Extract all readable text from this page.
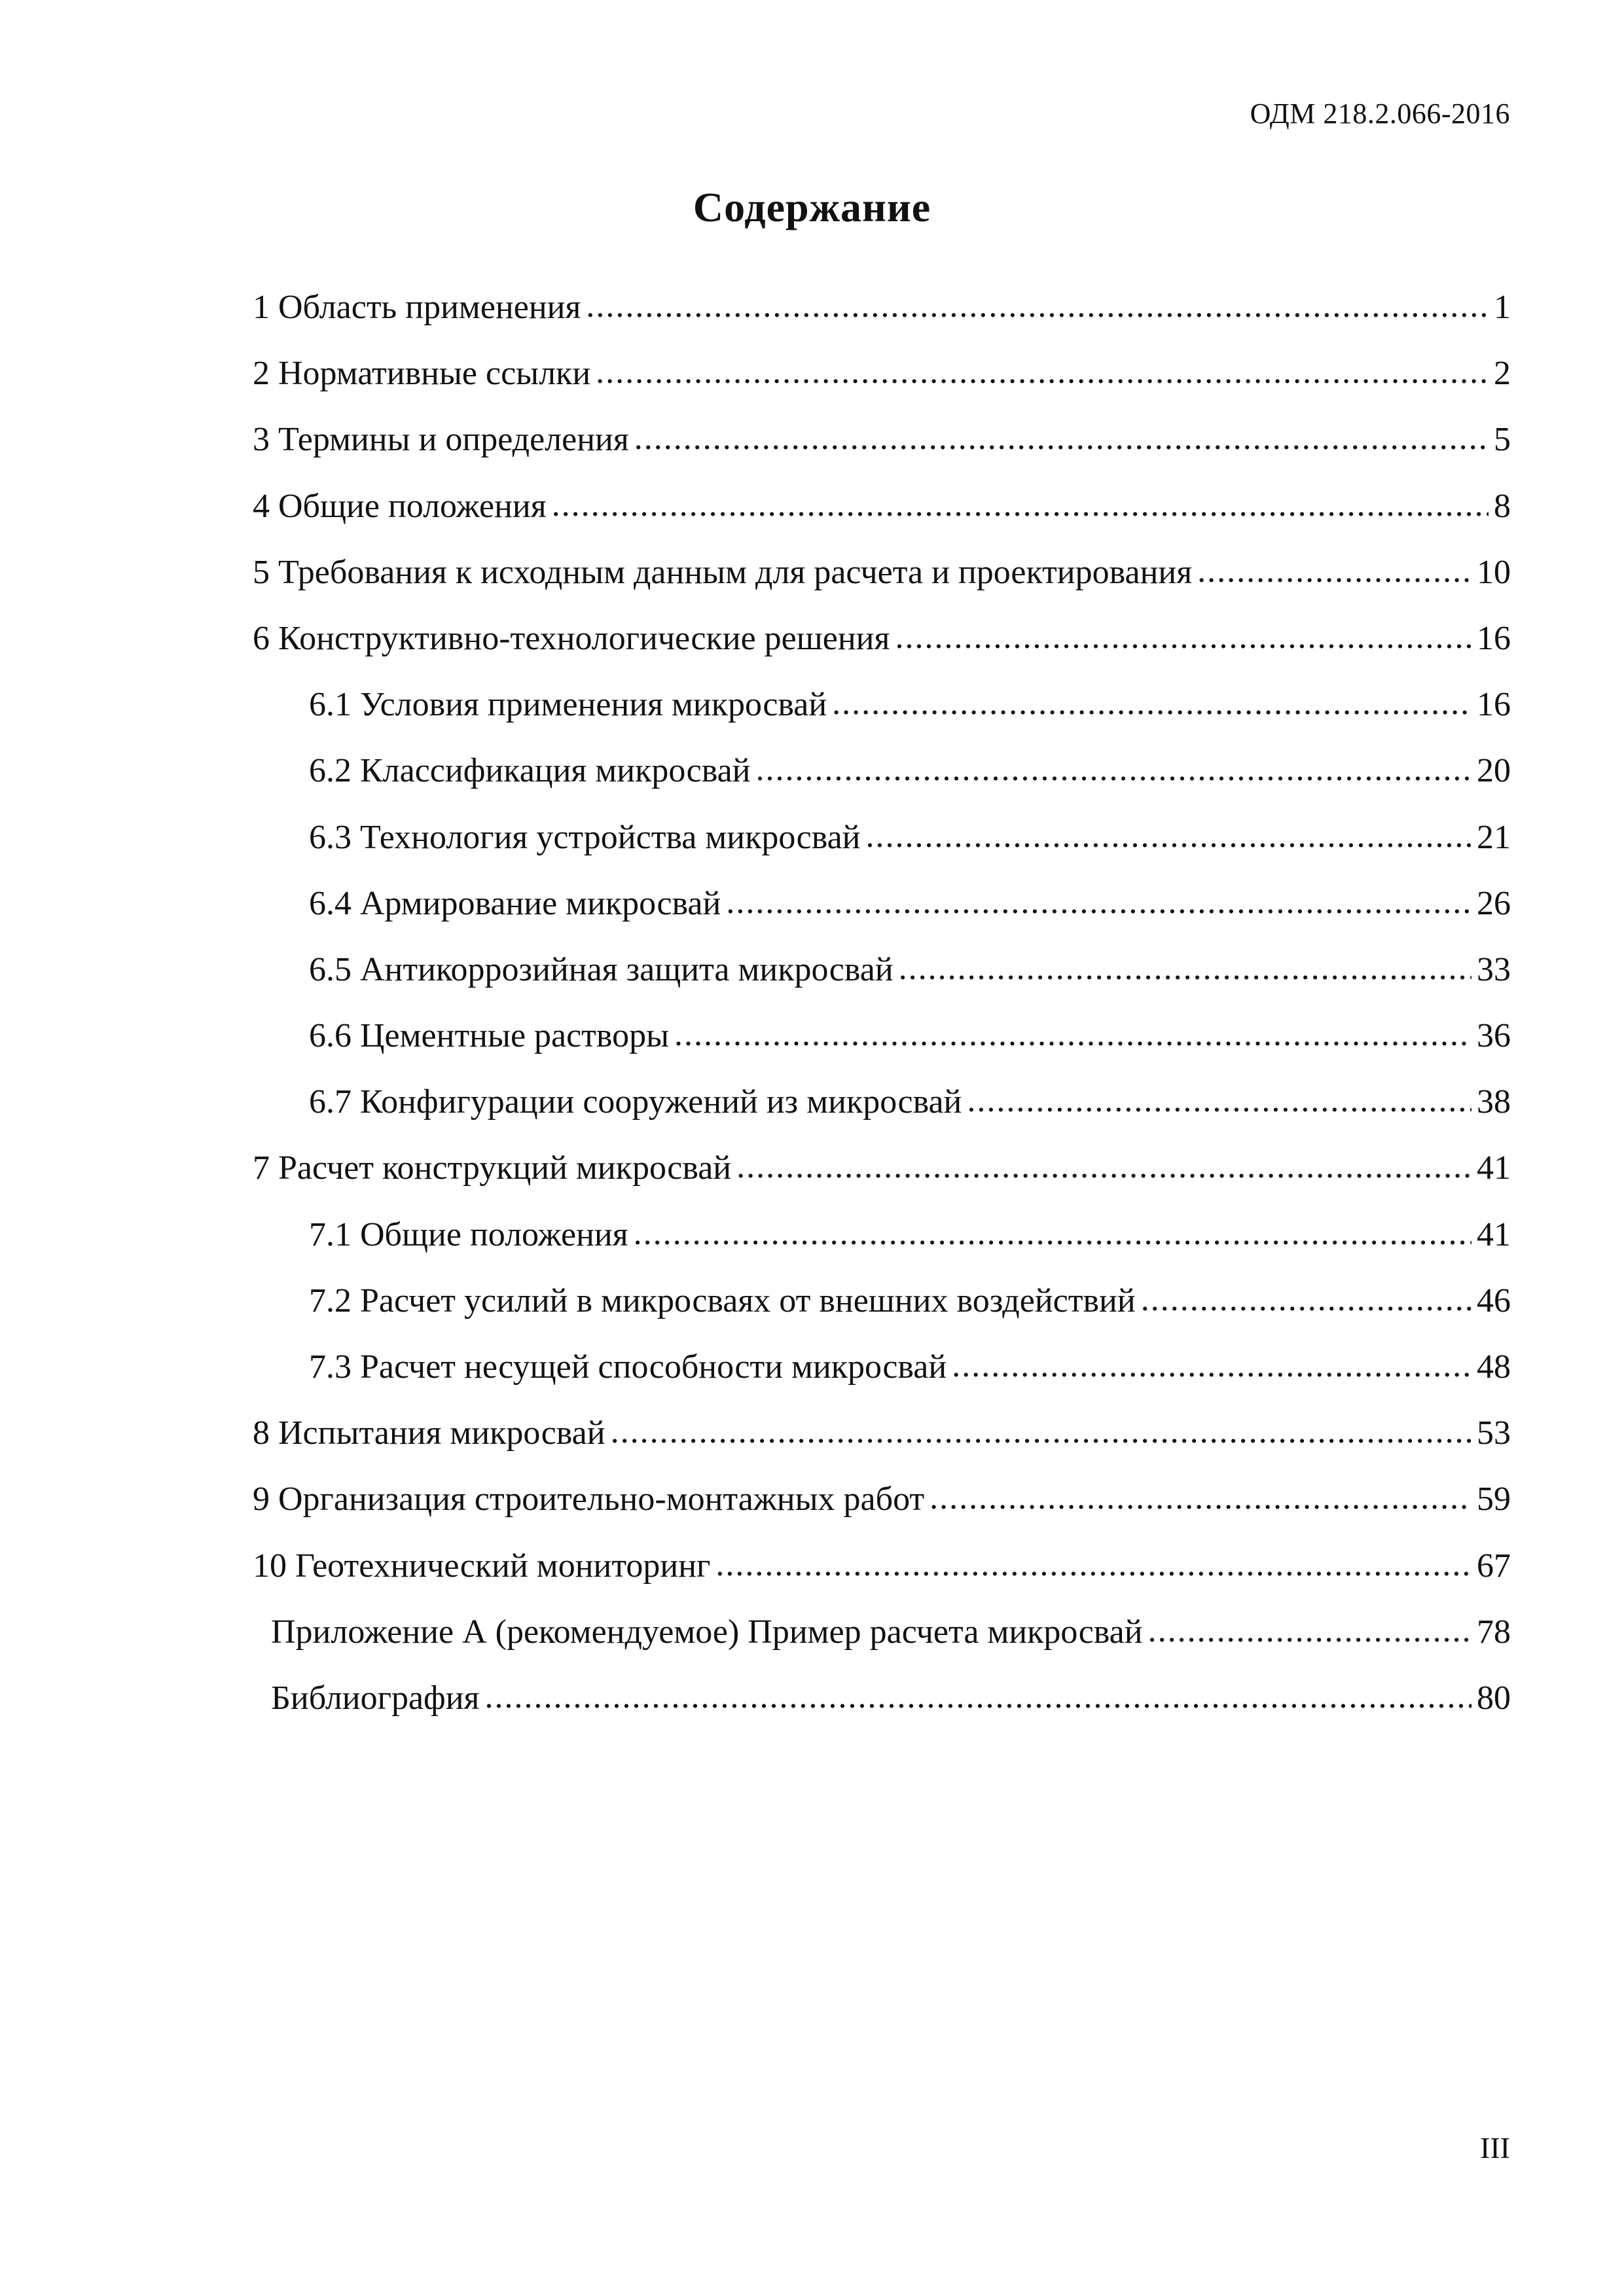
ОДМ 218.2.066-2016
Содержание
1 Область применения .....	1
2 Нормативные ссылки .....	2
3 Термины и определения .....	5
4 Общие положения .....	8
5 Требования к исходным данным для расчета и проектирования .....	10
6 Конструктивно-технологические решения .....	16
6.1 Условия применения микросвай .....	16
6.2 Классификация микросвай .....	20
6.3 Технология устройства микросвай .....	21
6.4 Армирование микросвай .....	26
6.5 Антикоррозийная защита микросвай .....	33
6.6 Цементные растворы .....	36
6.7 Конфигурации сооружений из микросвай .....	38
7 Расчет конструкций микросвай .....	41
7.1 Общие положения .....	41
7.2 Расчет усилий в микросваях от внешних воздействий .....	46
7.3 Расчет несущей способности микросвай .....	48
8 Испытания микросвай .....	53
9 Организация строительно-монтажных работ .....	59
10 Геотехнический мониторинг .....	67
Приложение А (рекомендуемое) Пример расчета микросвай .....	78
Библиография .....	80
III
